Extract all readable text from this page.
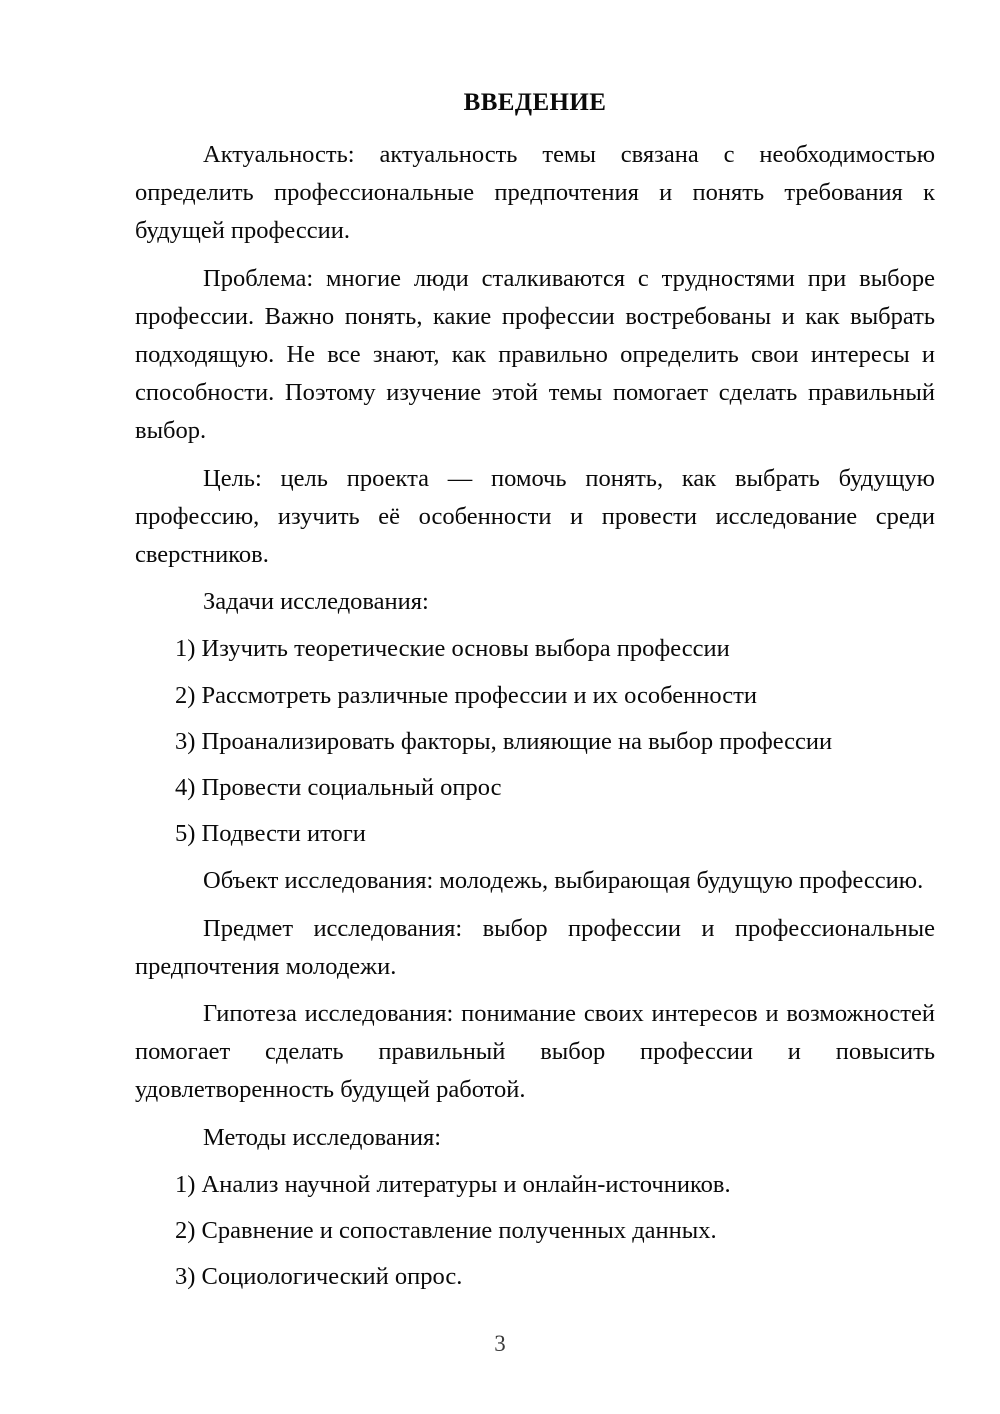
ВВЕДЕНИЕ

Актуальность: актуальность темы связана с необходимостью определить профессиональные предпочтения и понять требования к будущей профессии.

Проблема: многие люди сталкиваются с трудностями при выборе профессии. Важно понять, какие профессии востребованы и как выбрать подходящую. Не все знают, как правильно определить свои интересы и способности. Поэтому изучение этой темы помогает сделать правильный выбор.

Цель: цель проекта — помочь понять, как выбрать будущую профессию, изучить её особенности и провести исследование среди сверстников.

Задачи исследования:

1) Изучить теоретические основы выбора профессии
2) Рассмотреть различные профессии и их особенности
3) Проанализировать факторы, влияющие на выбор профессии
4) Провести социальный опрос
5) Подвести итоги

Объект исследования: молодежь, выбирающая будущую профессию.

Предмет исследования: выбор профессии и профессиональные предпочтения молодежи.

Гипотеза исследования: понимание своих интересов и возможностей помогает сделать правильный выбор профессии и повысить удовлетворенность будущей работой.

Методы исследования:

1) Анализ научной литературы и онлайн-источников.
2) Сравнение и сопоставление полученных данных.
3) Социологический опрос.
3
